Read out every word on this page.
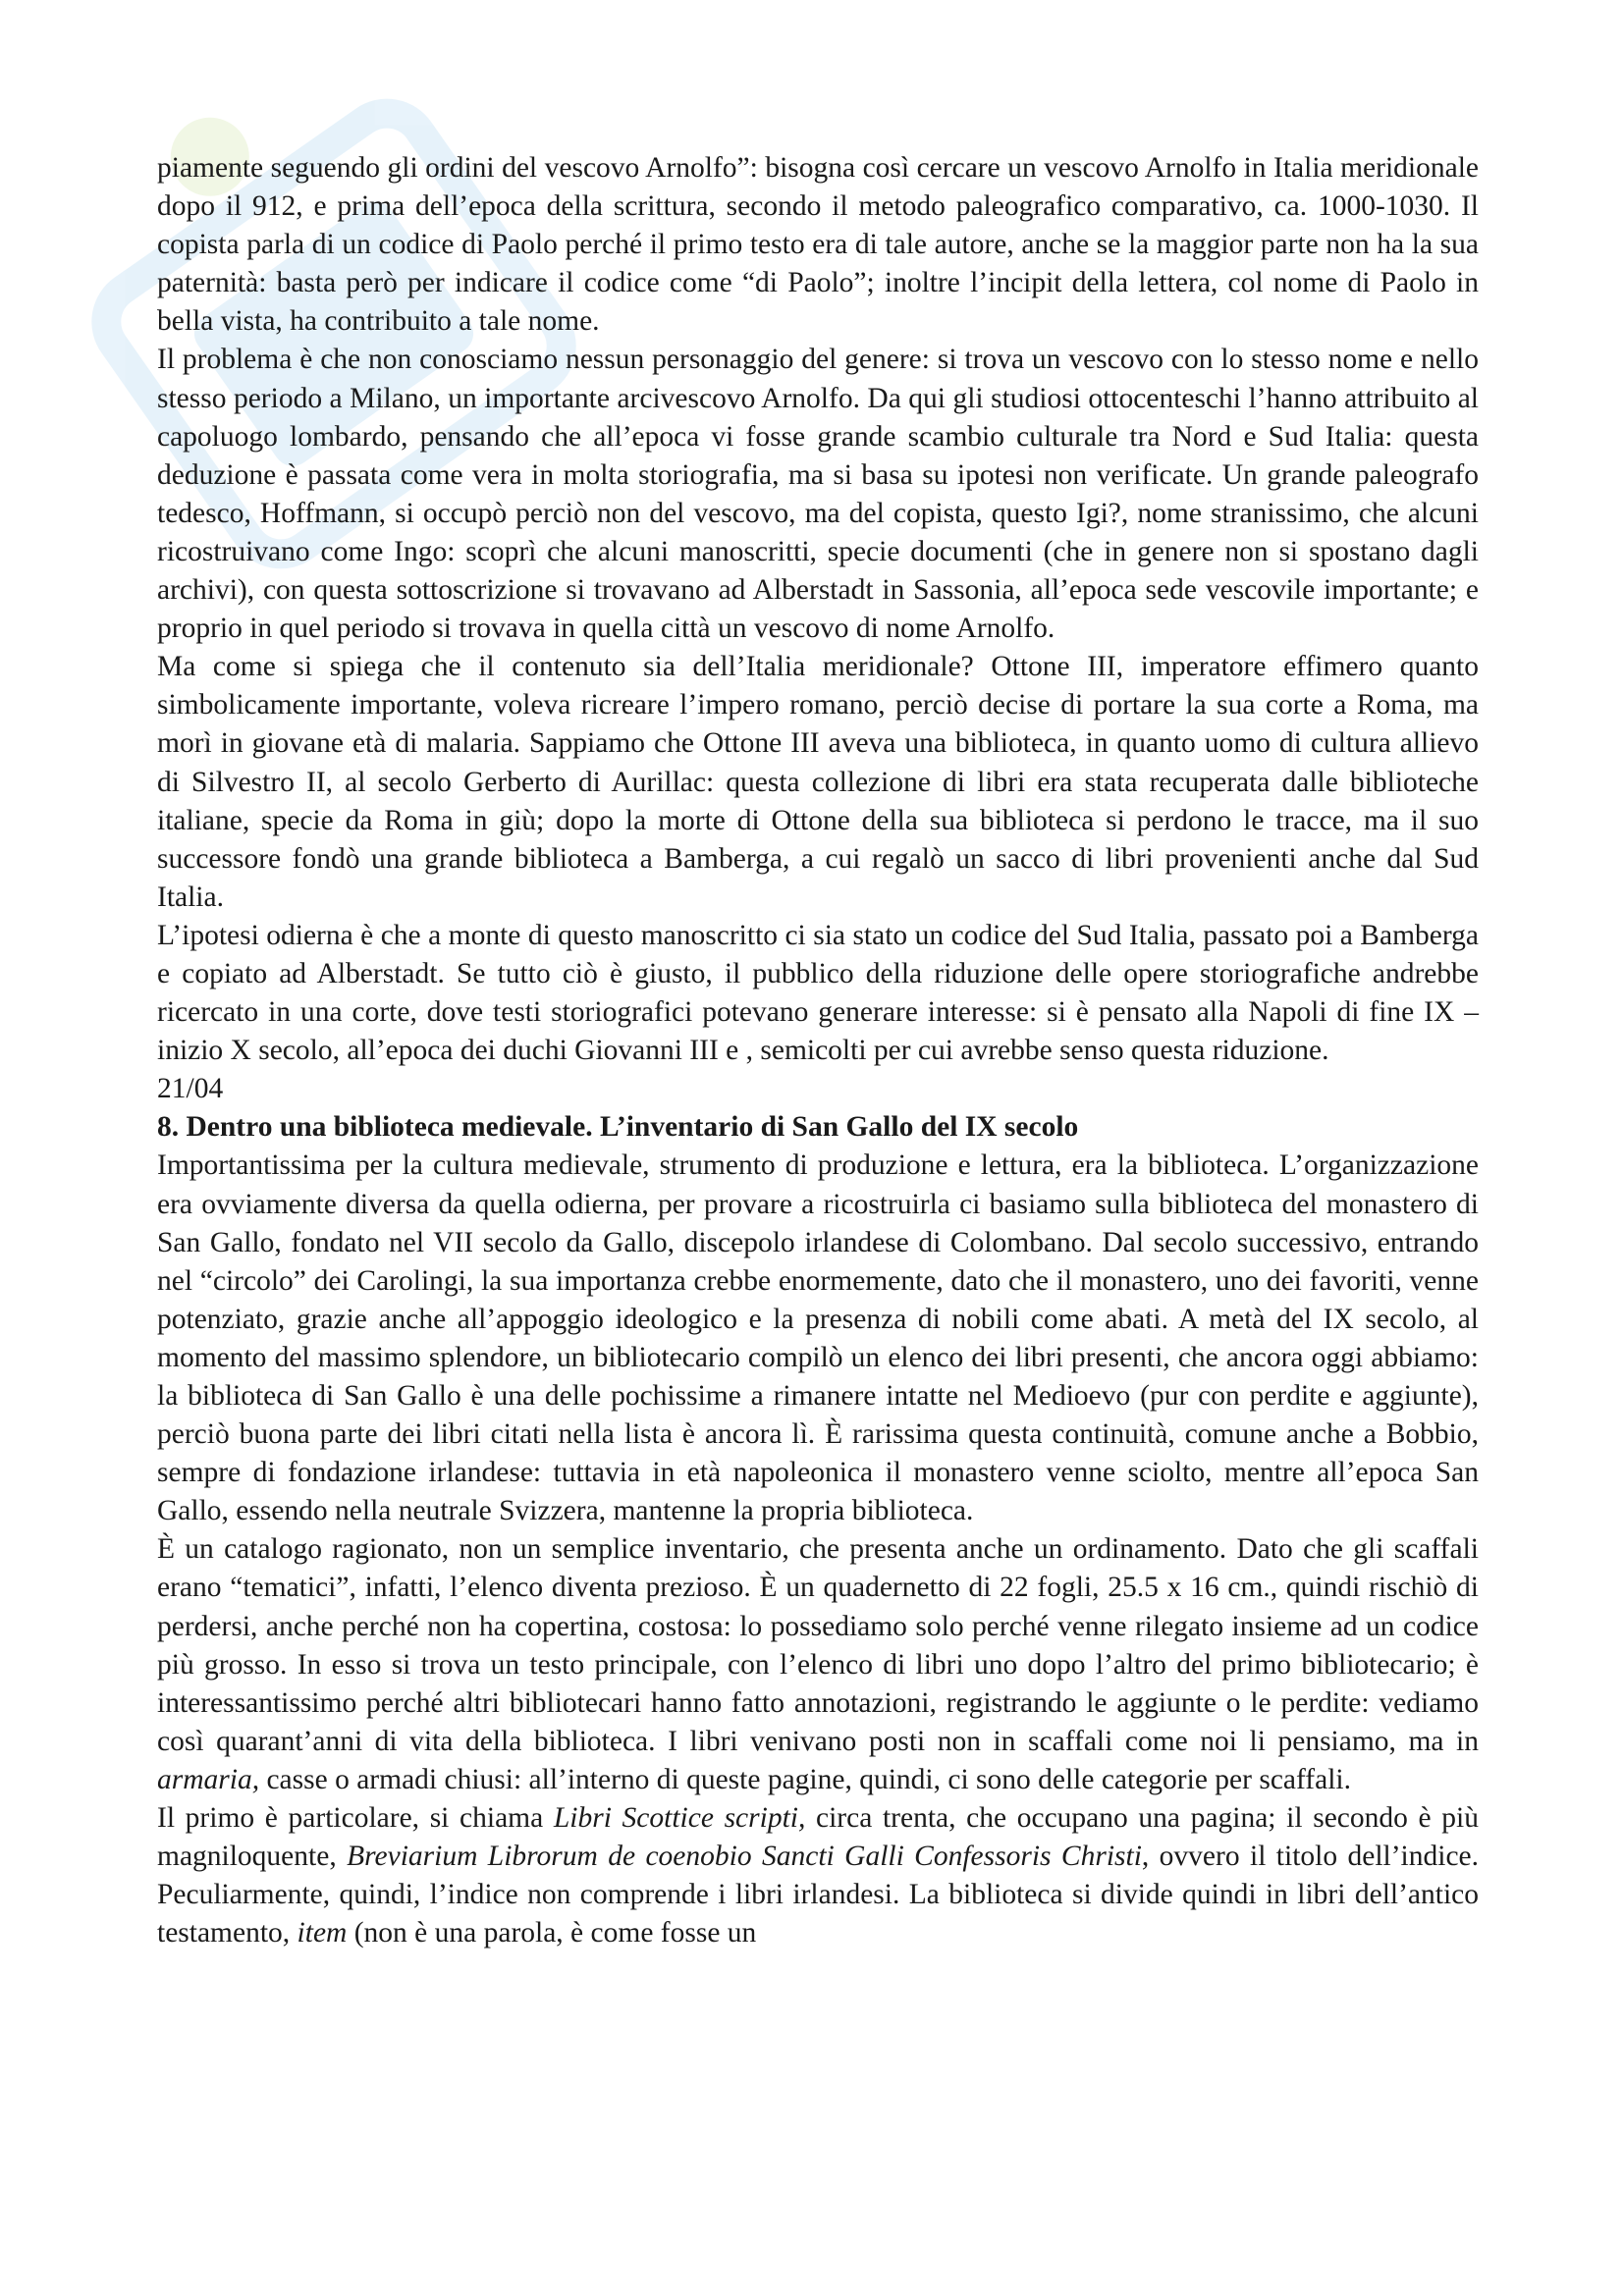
piamente seguendo gli ordini del vescovo Arnolfo”: bisogna così cercare un vescovo Arnolfo in Italia meridionale dopo il 912, e prima dell’epoca della scrittura, secondo il metodo paleografico comparativo, ca. 1000-1030. Il copista parla di un codice di Paolo perché il primo testo era di tale autore, anche se la maggior parte non ha la sua paternità: basta però per indicare il codice come “di Paolo”; inoltre l’incipit della lettera, col nome di Paolo in bella vista, ha contribuito a tale nome.

Il problema è che non conosciamo nessun personaggio del genere: si trova un vescovo con lo stesso nome e nello stesso periodo a Milano, un importante arcivescovo Arnolfo. Da qui gli studiosi ottocenteschi l’hanno attribuito al capoluogo lombardo, pensando che all’epoca vi fosse grande scambio culturale tra Nord e Sud Italia: questa deduzione è passata come vera in molta storiografia, ma si basa su ipotesi non verificate. Un grande paleografo tedesco, Hoffmann, si occupò perciò non del vescovo, ma del copista, questo Igi?, nome stranissimo, che alcuni ricostruivano come Ingo: scoprì che alcuni manoscritti, specie documenti (che in genere non si spostano dagli archivi), con questa sottoscrizione si trovavano ad Alberstadt in Sassonia, all’epoca sede vescovile importante; e proprio in quel periodo si trovava in quella città un vescovo di nome Arnolfo.

Ma come si spiega che il contenuto sia dell’Italia meridionale? Ottone III, imperatore effimero quanto simbolicamente importante, voleva ricreare l’impero romano, perciò decise di portare la sua corte a Roma, ma morì in giovane età di malaria. Sappiamo che Ottone III aveva una biblioteca, in quanto uomo di cultura allievo di Silvestro II, al secolo Gerberto di Aurillac: questa collezione di libri era stata recuperata dalle biblioteche italiane, specie da Roma in giù; dopo la morte di Ottone della sua biblioteca si perdono le tracce, ma il suo successore fondò una grande biblioteca a Bamberga, a cui regalò un sacco di libri provenienti anche dal Sud Italia.

L’ipotesi odierna è che a monte di questo manoscritto ci sia stato un codice del Sud Italia, passato poi a Bamberga e copiato ad Alberstadt. Se tutto ciò è giusto, il pubblico della riduzione delle opere storiografiche andrebbe ricercato in una corte, dove testi storiografici potevano generare interesse: si è pensato alla Napoli di fine IX – inizio X secolo, all’epoca dei duchi Giovanni III e , semicolti per cui avrebbe senso questa riduzione.

21/04
8. Dentro una biblioteca medievale. L’inventario di San Gallo del IX secolo

Importantissima per la cultura medievale, strumento di produzione e lettura, era la biblioteca. L’organizzazione era ovviamente diversa da quella odierna, per provare a ricostruirla ci basiamo sulla biblioteca del monastero di San Gallo, fondato nel VII secolo da Gallo, discepolo irlandese di Colombano. Dal secolo successivo, entrando nel “circolo” dei Carolingi, la sua importanza crebbe enormemente, dato che il monastero, uno dei favoriti, venne potenziato, grazie anche all’appoggio ideologico e la presenza di nobili come abati. A metà del IX secolo, al momento del massimo splendore, un bibliotecario compilò un elenco dei libri presenti, che ancora oggi abbiamo: la biblioteca di San Gallo è una delle pochissime a rimanere intatte nel Medioevo (pur con perdite e aggiunte), perciò buona parte dei libri citati nella lista è ancora lì. È rarissima questa continuità, comune anche a Bobbio, sempre di fondazione irlandese: tuttavia in età napoleonica il monastero venne sciolto, mentre all’epoca San Gallo, essendo nella neutrale Svizzera, mantenne la propria biblioteca.

È un catalogo ragionato, non un semplice inventario, che presenta anche un ordinamento. Dato che gli scaffali erano “tematici”, infatti, l’elenco diventa prezioso. È un quadernetto di 22 fogli, 25.5 x 16 cm., quindi rischiò di perdersi, anche perché non ha copertina, costosa: lo possediamo solo perché venne rilegato insieme ad un codice più grosso. In esso si trova un testo principale, con l’elenco di libri uno dopo l’altro del primo bibliotecario; è interessantissimo perché altri bibliotecari hanno fatto annotazioni, registrando le aggiunte o le perdite: vediamo così quarant’anni di vita della biblioteca. I libri venivano posti non in scaffali come noi li pensiamo, ma in armaria, casse o armadi chiusi: all’interno di queste pagine, quindi, ci sono delle categorie per scaffali.

Il primo è particolare, si chiama Libri Scottice scripti, circa trenta, che occupano una pagina; il secondo è più magniloquente, Breviarium Librorum de coenobio Sancti Galli Confessoris Christi, ovvero il titolo dell’indice. Peculiarmente, quindi, l’indice non comprende i libri irlandesi. La biblioteca si divide quindi in libri dell’antico testamento, item (non è una parola, è come fosse un
